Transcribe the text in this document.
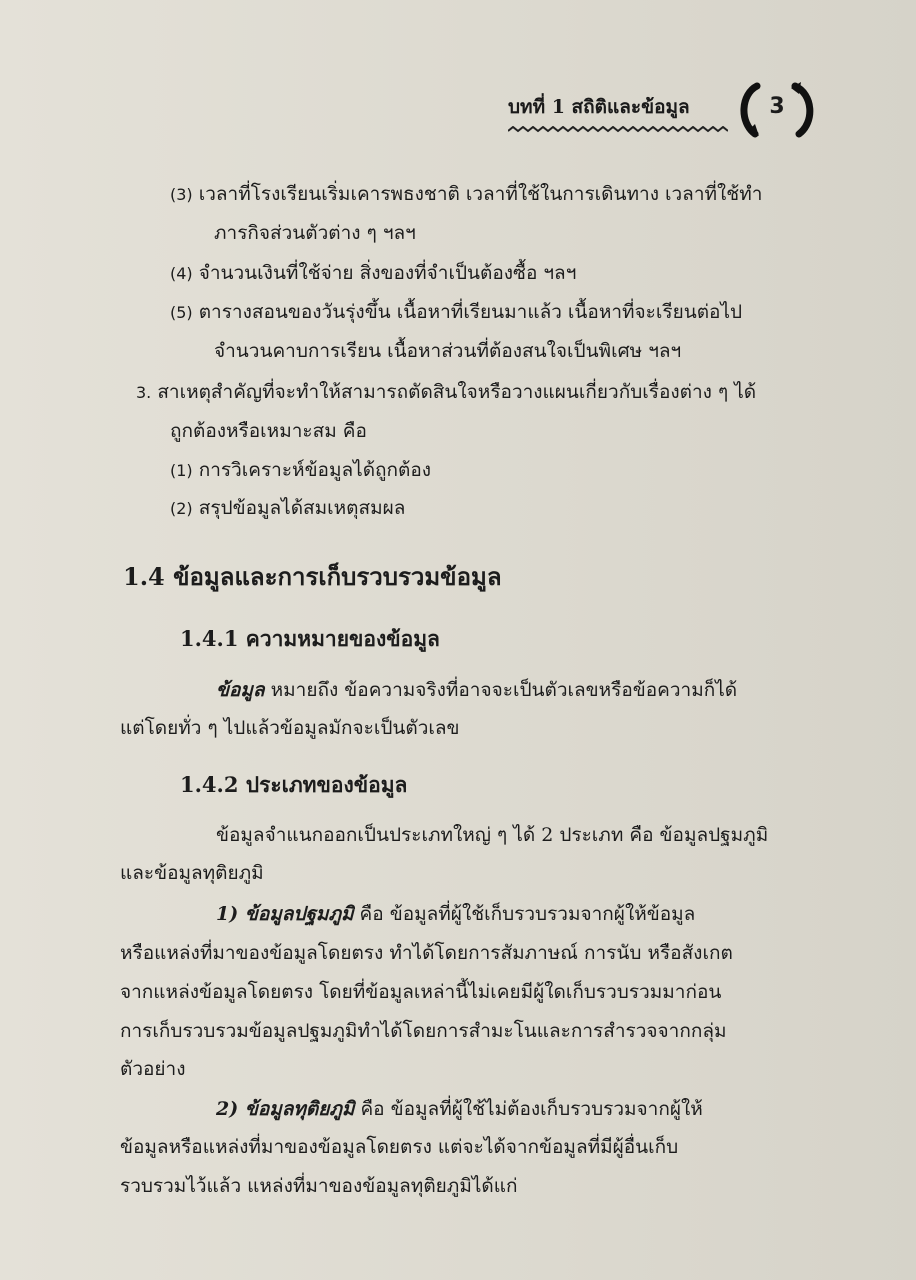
บทที่ 1 สถิติและข้อมูล	3
(3) เวลาที่โรงเรียนเริ่มเคารพธงชาติ เวลาที่ใช้ในการเดินทาง เวลาที่ใช้ทำ
ภารกิจส่วนตัวต่าง ๆ ฯลฯ
(4) จำนวนเงินที่ใช้จ่าย สิ่งของที่จำเป็นต้องซื้อ ฯลฯ
(5) ตารางสอนของวันรุ่งขึ้น เนื้อหาที่เรียนมาแล้ว เนื้อหาที่จะเรียนต่อไป
จำนวนคาบการเรียน เนื้อหาส่วนที่ต้องสนใจเป็นพิเศษ ฯลฯ
3. สาเหตุสำคัญที่จะทำให้สามารถตัดสินใจหรือวางแผนเกี่ยวกับเรื่องต่าง ๆ ได้
ถูกต้องหรือเหมาะสม คือ
(1) การวิเคราะห์ข้อมูลได้ถูกต้อง
(2) สรุปข้อมูลได้สมเหตุสมผล
1.4 ข้อมูลและการเก็บรวบรวมข้อมูล
1.4.1 ความหมายของข้อมูล
ข้อมูล หมายถึง ข้อความจริงที่อาจจะเป็นตัวเลขหรือข้อความก็ได้
แต่โดยทั่ว ๆ ไปแล้วข้อมูลมักจะเป็นตัวเลข
1.4.2 ประเภทของข้อมูล
ข้อมูลจำแนกออกเป็นประเภทใหญ่ ๆ ได้ 2 ประเภท คือ ข้อมูลปฐมภูมิ
และข้อมูลทุติยภูมิ
1) ข้อมูลปฐมภูมิ คือ ข้อมูลที่ผู้ใช้เก็บรวบรวมจากผู้ให้ข้อมูล
หรือแหล่งที่มาของข้อมูลโดยตรง ทำได้โดยการสัมภาษณ์ การนับ หรือสังเกต
จากแหล่งข้อมูลโดยตรง โดยที่ข้อมูลเหล่านี้ไม่เคยมีผู้ใดเก็บรวบรวมมาก่อน
การเก็บรวบรวมข้อมูลปฐมภูมิทำได้โดยการสำมะโนและการสำรวจจากกลุ่ม
ตัวอย่าง
2) ข้อมูลทุติยภูมิ คือ ข้อมูลที่ผู้ใช้ไม่ต้องเก็บรวบรวมจากผู้ให้
ข้อมูลหรือแหล่งที่มาของข้อมูลโดยตรง แต่จะได้จากข้อมูลที่มีผู้อื่นเก็บ
รวบรวมไว้แล้ว แหล่งที่มาของข้อมูลทุติยภูมิได้แก่
